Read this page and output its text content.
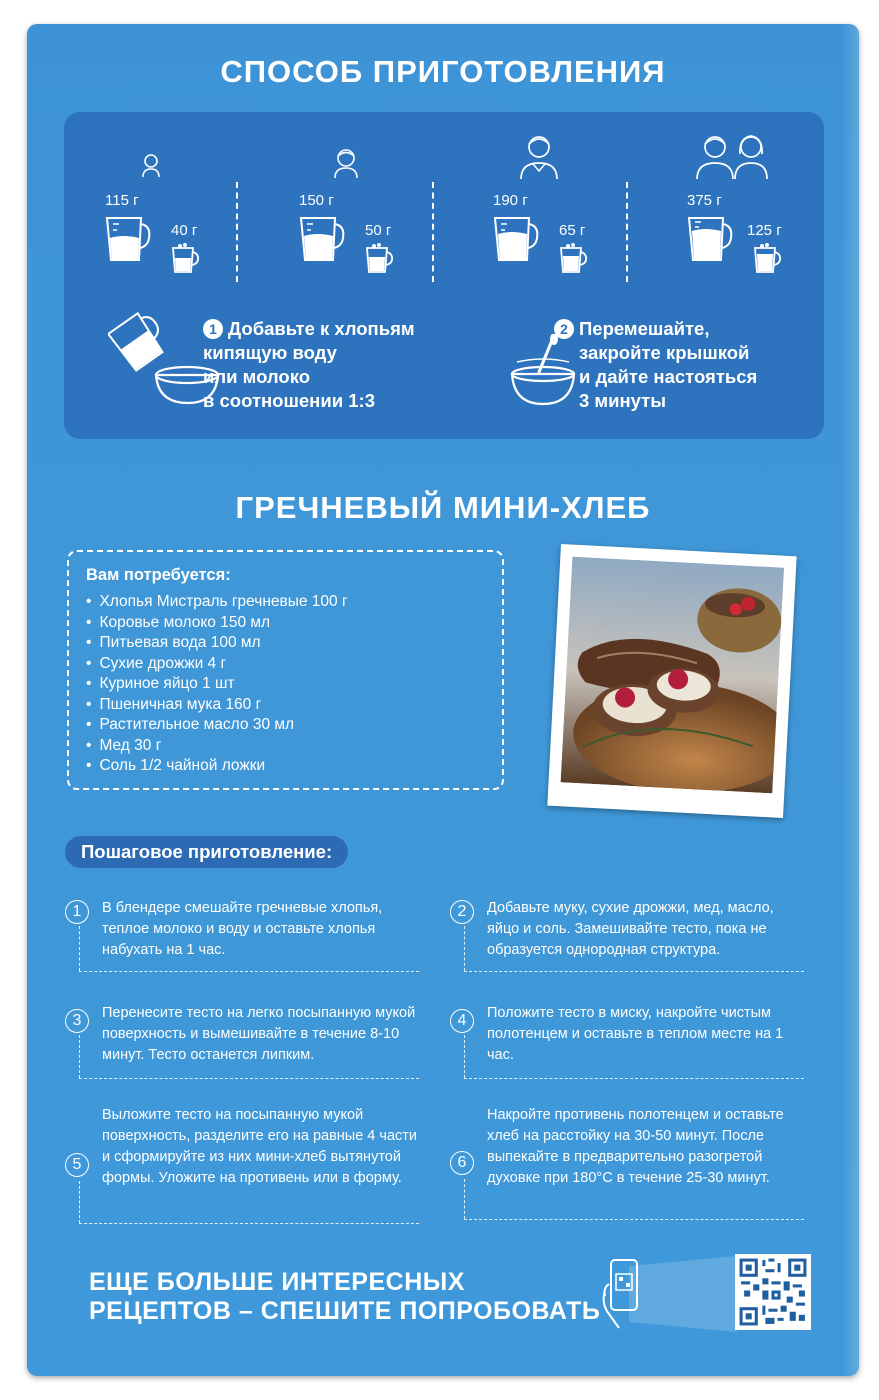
СПОСОБ ПРИГОТОВЛЕНИЯ
115 г
40 г
150 г
50 г
190 г
65 г
375 г
125 г
1 Добавьте к хлопьям
кипящую воду
или молоко
в соотношении 1:3
2 Перемешайте,
закройте крышкой
и дайте настояться
3 минуты
ГРЕЧНЕВЫЙ МИНИ-ХЛЕБ
Вам потребуется:
• Хлопья Мистраль гречневые 100 г
• Коровье молоко 150 мл
• Питьевая вода 100 мл
• Сухие дрожжи 4 г
• Куриное яйцо 1 шт
• Пшеничная мука 160 г
• Растительное масло 30 мл
• Мед 30 г
• Соль 1/2 чайной ложки
Пошаговое приготовление:
1	В блендере смешайте гречневые хлопья, теплое молоко и воду и оставьте хлопья набухать на 1 час.
2	Добавьте муку, сухие дрожжи, мед, масло, яйцо и соль. Замешивайте тесто, пока не образуется однородная структура.
3	Перенесите тесто на легко посыпанную мукой поверхность и вымешивайте в течение 8-10 минут. Тесто останется липким.
4	Положите тесто в миску, накройте чистым полотенцем и оставьте в теплом месте на 1 час.
5
Выложите тесто на посыпанную мукой поверхность, разделите его на равные 4 части и сформируйте из них мини-хлеб вытянутой формы. Уложите на противень или в форму.
6
Накройте противень полотенцем и оставьте хлеб на расстойку на 30-50 минут. После выпекайте в предварительно разогретой духовке при 180°С в течение 25-30 минут.
ЕЩЕ БОЛЬШЕ ИНТЕРЕСНЫХ
РЕЦЕПТОВ – СПЕШИТЕ ПОПРОБОВАТЬ
